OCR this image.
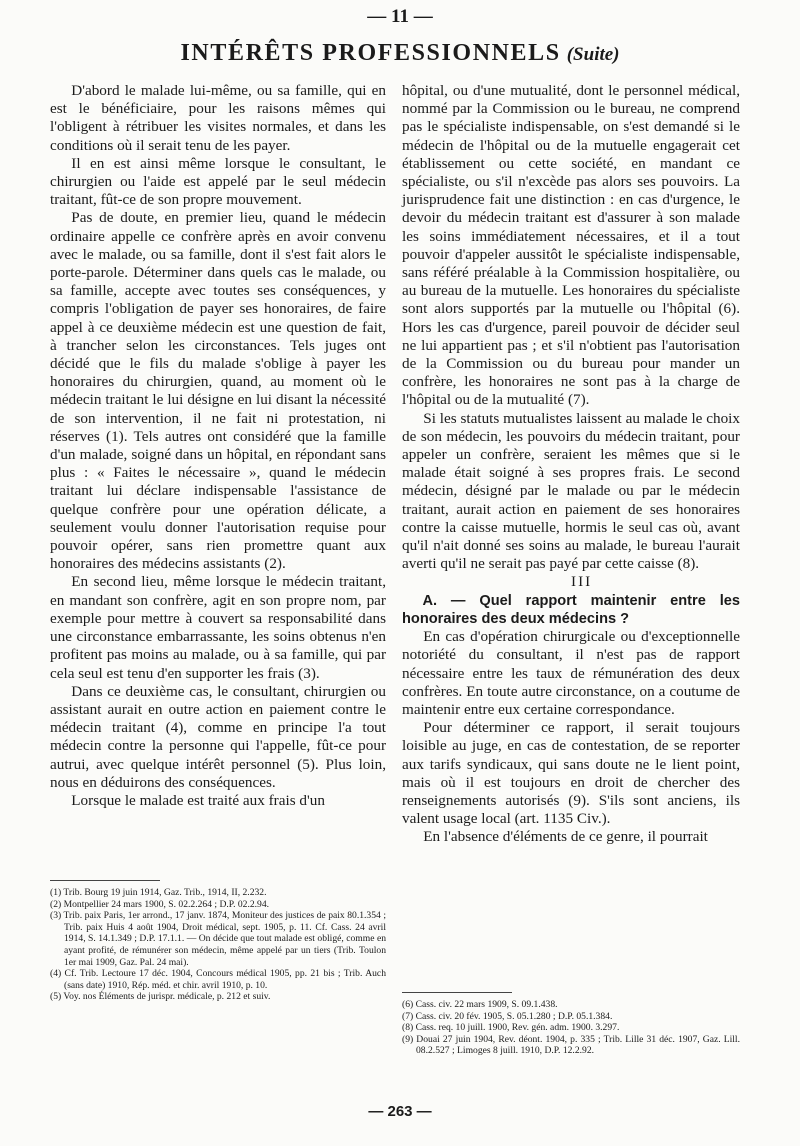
— 11 —
INTÉRÊTS PROFESSIONNELS (Suite)

D'abord le malade lui-même, ou sa famille, qui en est le bénéficiaire, pour les raisons mêmes qui l'obligent à rétribuer les visites normales, et dans les conditions où il serait tenu de les payer.

Il en est ainsi même lorsque le consultant, le chirurgien ou l'aide est appelé par le seul médecin traitant, fût-ce de son propre mouvement.

Pas de doute, en premier lieu, quand le médecin ordinaire appelle ce confrère après en avoir convenu avec le malade, ou sa famille, dont il s'est fait alors le porte-parole. Déterminer dans quels cas le malade, ou sa famille, accepte avec toutes ses conséquences, y compris l'obligation de payer ses honoraires, de faire appel à ce deuxième médecin est une question de fait, à trancher selon les circonstances. Tels juges ont décidé que le fils du malade s'oblige à payer les honoraires du chirurgien, quand, au moment où le médecin traitant le lui désigne en lui disant la nécessité de son intervention, il ne fait ni protestation, ni réserves (1). Tels autres ont considéré que la famille d'un malade, soigné dans un hôpital, en répondant sans plus : « Faites le nécessaire », quand le médecin traitant lui déclare indispensable l'assistance de quelque confrère pour une opération délicate, a seulement voulu donner l'autorisation requise pour pouvoir opérer, sans rien promettre quant aux honoraires des médecins assistants (2).

En second lieu, même lorsque le médecin traitant, en mandant son confrère, agit en son propre nom, par exemple pour mettre à couvert sa responsabilité dans une circonstance embarrassante, les soins obtenus n'en profitent pas moins au malade, ou à sa famille, qui par cela seul est tenu d'en supporter les frais (3).

Dans ce deuxième cas, le consultant, chirurgien ou assistant aurait en outre action en paiement contre le médecin traitant (4), comme en principe l'a tout médecin contre la personne qui l'appelle, fût-ce pour autrui, avec quelque intérêt personnel (5). Plus loin, nous en déduirons des conséquences.

Lorsque le malade est traité aux frais d'un

(1) Trib. Bourg 19 juin 1914, Gaz. Trib., 1914, II, 2.232.
(2) Montpellier 24 mars 1900, S. 02.2.264 ; D.P. 02.2.94.
(3) Trib. paix Paris, 1er arrond., 17 janv. 1874, Moniteur des justices de paix 80.1.354 ; Trib. paix Huis 4 août 1904, Droit médical, sept. 1905, p. 11. Cf. Cass. 24 avril 1914, S. 14.1.349 ; D.P. 17.1.1. — On décide que tout malade est obligé, comme en ayant profité, de rémunérer son médecin, même appelé par un tiers (Trib. Toulon 1er mai 1909, Gaz. Pal. 24 mai).
(4) Cf. Trib. Lectoure 17 déc. 1904, Concours médical 1905, pp. 21 bis ; Trib. Auch (sans date) 1910, Rép. méd. et chir. avril 1910, p. 10.
(5) Voy. nos Éléments de jurispr. médicale, p. 212 et suiv.

hôpital, ou d'une mutualité, dont le personnel médical, nommé par la Commission ou le bureau, ne comprend pas le spécialiste indispensable, on s'est demandé si le médecin de l'hôpital ou de la mutuelle engagerait cet établissement ou cette société, en mandant ce spécialiste, ou s'il n'excède pas alors ses pouvoirs. La jurisprudence fait une distinction : en cas d'urgence, le devoir du médecin traitant est d'assurer à son malade les soins immédiatement nécessaires, et il a tout pouvoir d'appeler aussitôt le spécialiste indispensable, sans référé préalable à la Commission hospitalière, ou au bureau de la mutuelle. Les honoraires du spécialiste sont alors supportés par la mutuelle ou l'hôpital (6). Hors les cas d'urgence, pareil pouvoir de décider seul ne lui appartient pas ; et s'il n'obtient pas l'autorisation de la Commission ou du bureau pour mander un confrère, les honoraires ne sont pas à la charge de l'hôpital ou de la mutualité (7).

Si les statuts mutualistes laissent au malade le choix de son médecin, les pouvoirs du médecin traitant, pour appeler un confrère, seraient les mêmes que si le malade était soigné à ses propres frais. Le second médecin, désigné par le malade ou par le médecin traitant, aurait action en paiement de ses honoraires contre la caisse mutuelle, hormis le seul cas où, avant qu'il n'ait donné ses soins au malade, le bureau l'aurait averti qu'il ne serait pas payé par cette caisse (8).

III

A. — Quel rapport maintenir entre les honoraires des deux médecins ?

En cas d'opération chirurgicale ou d'exceptionnelle notoriété du consultant, il n'est pas de rapport nécessaire entre les taux de rémunération des deux confrères. En toute autre circonstance, on a coutume de maintenir entre eux certaine correspondance.

Pour déterminer ce rapport, il serait toujours loisible au juge, en cas de contestation, de se reporter aux tarifs syndicaux, qui sans doute ne le lient point, mais où il est toujours en droit de chercher des renseignements autorisés (9). S'ils sont anciens, ils valent usage local (art. 1135 Civ.).

En l'absence d'éléments de ce genre, il pourrait

(6) Cass. civ. 22 mars 1909, S. 09.1.438.
(7) Cass. civ. 20 fév. 1905, S. 05.1.280 ; D.P. 05.1.384.
(8) Cass. req. 10 juill. 1900, Rev. gén. adm. 1900. 3.297.
(9) Douai 27 juin 1904, Rev. déont. 1904, p. 335 ; Trib. Lille 31 déc. 1907, Gaz. Lill. 08.2.527 ; Limoges 8 juill. 1910, D.P. 12.2.92.
— 263 —
